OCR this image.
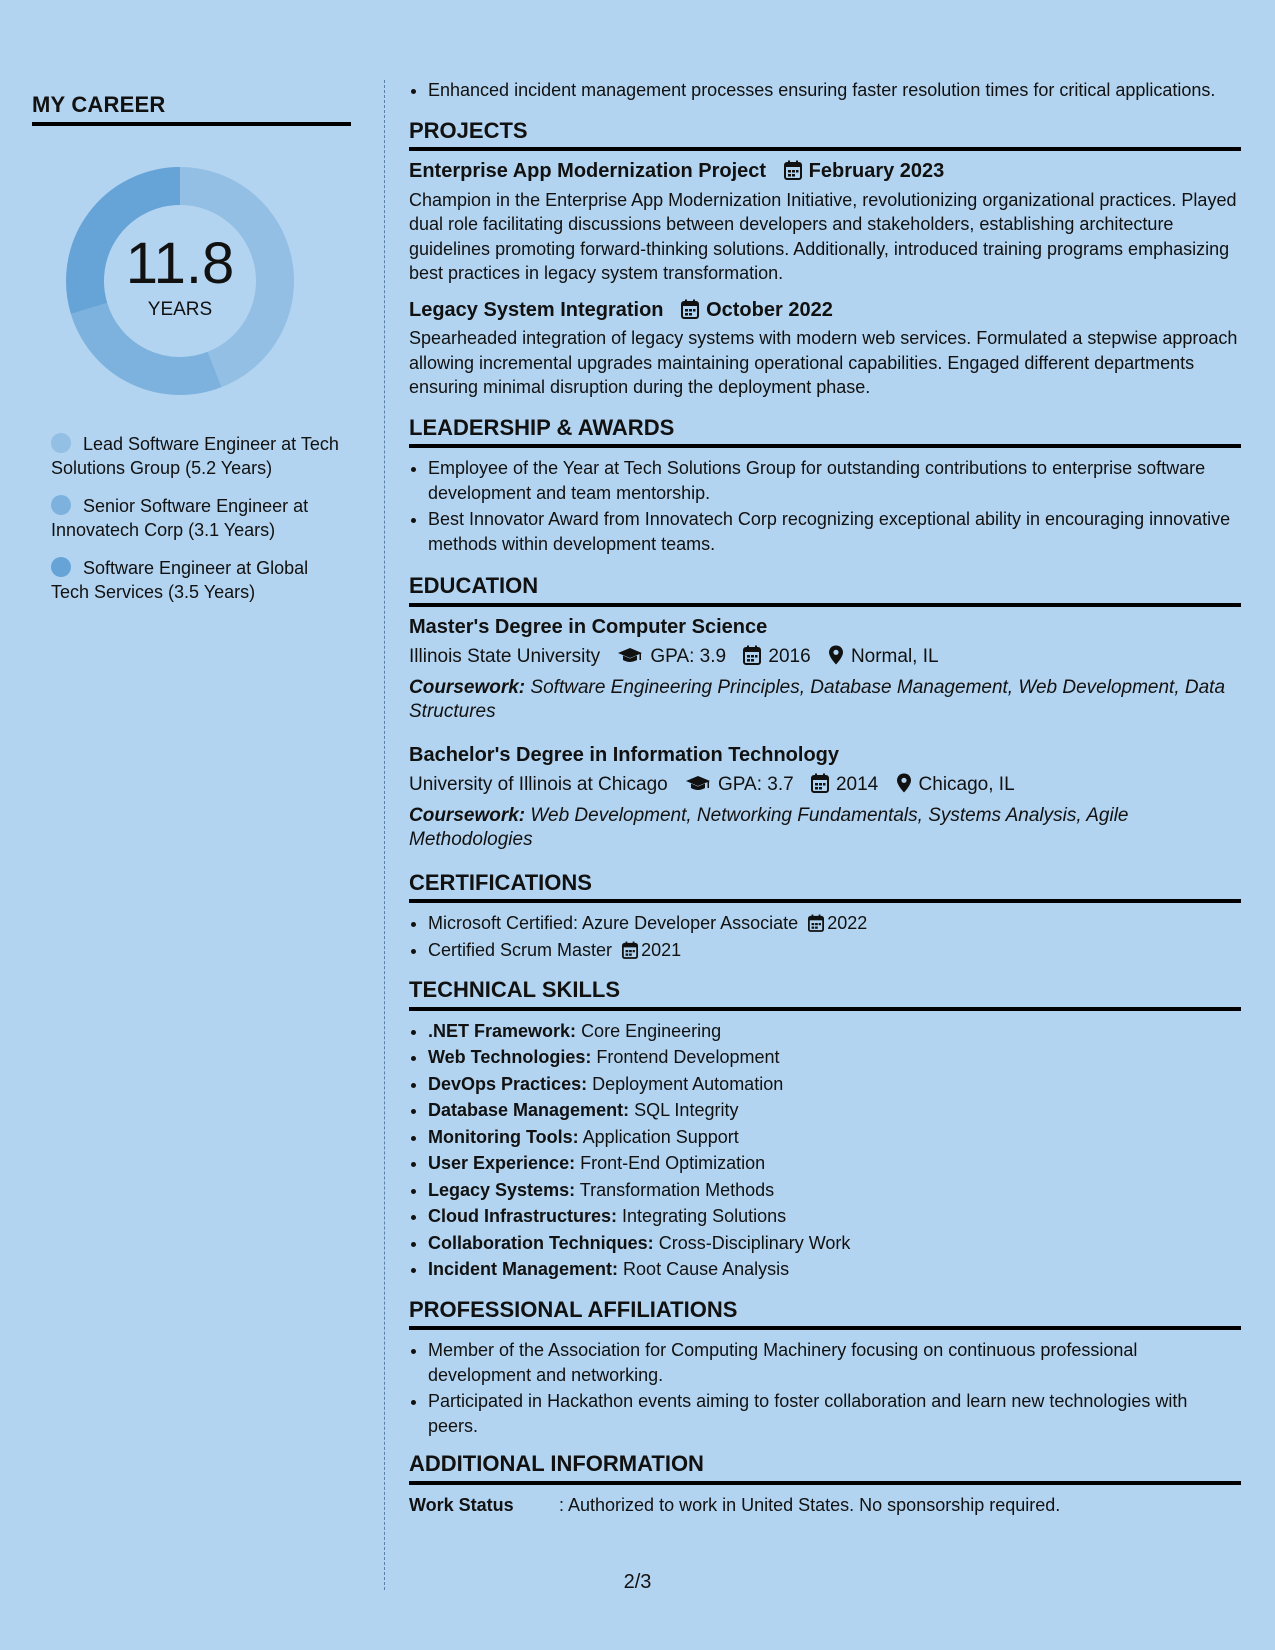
MY CAREER
11.8
YEARS
Lead Software Engineer at Tech Solutions Group (5.2 Years)
Senior Software Engineer at Innovatech Corp (3.1 Years)
Software Engineer at Global Tech Services (3.5 Years)
• Enhanced incident management processes ensuring faster resolution times for critical applications.
PROJECTS
Enterprise App Modernization Project February 2023
Champion in the Enterprise App Modernization Initiative, revolutionizing organizational practices. Played dual role facilitating discussions between developers and stakeholders, establishing architecture guidelines promoting forward-thinking solutions. Additionally, introduced training programs emphasizing best practices in legacy system transformation.
Legacy System Integration October 2022
Spearheaded integration of legacy systems with modern web services. Formulated a stepwise approach allowing incremental upgrades maintaining operational capabilities. Engaged different departments ensuring minimal disruption during the deployment phase.
LEADERSHIP & AWARDS
• Employee of the Year at Tech Solutions Group for outstanding contributions to enterprise software development and team mentorship.
• Best Innovator Award from Innovatech Corp recognizing exceptional ability in encouraging innovative methods within development teams.
EDUCATION
Master's Degree in Computer Science
Illinois State University	GPA: 3.9 2016 Normal, IL
Coursework: Software Engineering Principles, Database Management, Web Development, Data Structures
Bachelor's Degree in Information Technology
University of Illinois at Chicago	GPA: 3.7 2014 Chicago, IL
Coursework: Web Development, Networking Fundamentals, Systems Analysis, Agile Methodologies
CERTIFICATIONS
• Microsoft Certified: Azure Developer Associate 2022
• Certified Scrum Master 2021
TECHNICAL SKILLS
• .NET Framework: Core Engineering
• Web Technologies: Frontend Development
• DevOps Practices: Deployment Automation
• Database Management: SQL Integrity
• Monitoring Tools: Application Support
• User Experience: Front-End Optimization
• Legacy Systems: Transformation Methods
• Cloud Infrastructures: Integrating Solutions
• Collaboration Techniques: Cross-Disciplinary Work
• Incident Management: Root Cause Analysis
PROFESSIONAL AFFILIATIONS
• Member of the Association for Computing Machinery focusing on continuous professional development and networking.
• Participated in Hackathon events aiming to foster collaboration and learn new technologies with peers.
ADDITIONAL INFORMATION
Work Status	: Authorized to work in United States. No sponsorship required.
2/3
